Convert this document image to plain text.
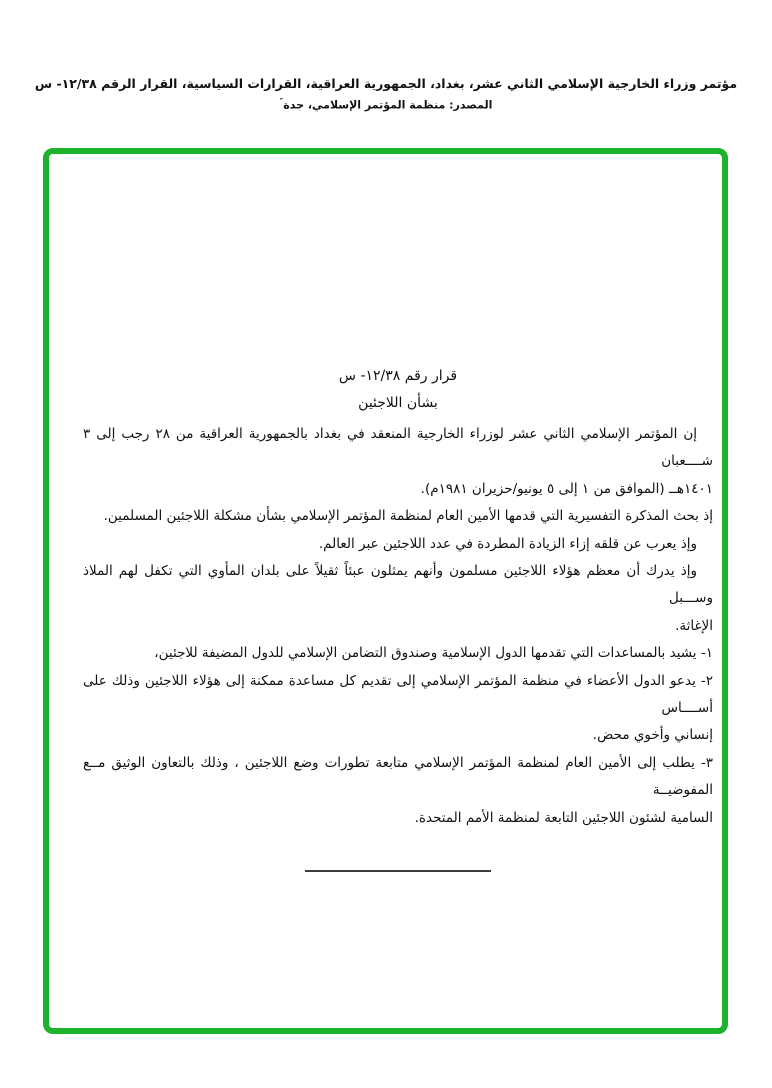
مؤتمر وزراء الخارجية الإسلامي الثاني عشر، بغداد، الجمهورية العراقية، القرارات السياسية، القرار الرقم ١٢/٣٨- س
المصدر: منظمة المؤتمر الإسلامي، جدة″
قرار رقم ١٢/٣٨- س
بشأن اللاجئين

إن المؤتمر الإسلامي الثاني عشر لوزراء الخارجية المنعقد في بغداد بالجمهورية العراقية من ٢٨ رجب إلى ٣ شــــعبان

١٤٠١هــ (الموافق من ١ إلى ٥ يونيو/حزيران ١٩٨١م).

إذ بحث المذكرة التفسيرية التي قدمها الأمين العام لمنظمة المؤتمر الإسلامي بشأن مشكلة اللاجئين المسلمين.

وإذ يعرب عن قلقه إزاء الزيادة المطردة في عدد اللاجئين عبر العالم.

وإذ يدرك أن معظم هؤلاء اللاجئين مسلمون وأنهم يمثلون عبئاً ثقيلاً على بلدان المأوي التي تكفل لهم الملاذ وســـبل

الإغاثة.

١- يشيد بالمساعدات التي تقدمها الدول الإسلامية وصندوق التضامن الإسلامي للدول المضيفة للاجئين،

٢- يدعو الدول الأعضاء في منظمة المؤتمر الإسلامي إلى تقديم كل مساعدة ممكنة إلى هؤلاء اللاجئين وذلك على أســــاس

إنساني وأخوي محض.

٣- يطلب إلى الأمين العام لمنظمة المؤتمر الإسلامي متابعة تطورات وضع اللاجئين ، وذلك بالتعاون الوثيق مــع المفوضيــة

السامية لشئون اللاجئين التابعة لمنظمة الأمم المتحدة.
